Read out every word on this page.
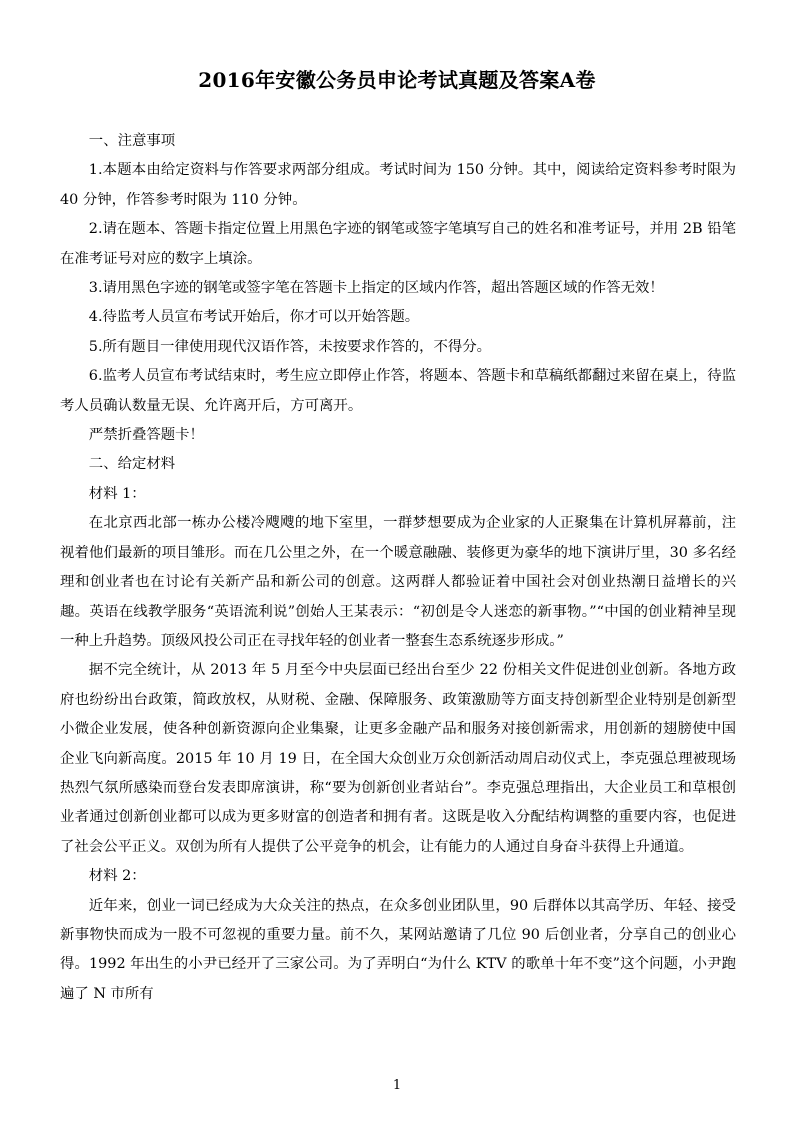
2016年安徽公务员申论考试真题及答案A卷

一、注意事项

1.本题本由给定资料与作答要求两部分组成。考试时间为 150 分钟。其中，阅读给定资料参考时限为 40 分钟，作答参考时限为 110 分钟。

2.请在题本、答题卡指定位置上用黑色字迹的钢笔或签字笔填写自己的姓名和准考证号，并用 2B 铅笔在准考证号对应的数字上填涂。

3.请用黑色字迹的钢笔或签字笔在答题卡上指定的区域内作答，超出答题区域的作答无效！

4.待监考人员宣布考试开始后，你才可以开始答题。

5.所有题目一律使用现代汉语作答，未按要求作答的，不得分。

6.监考人员宣布考试结束时，考生应立即停止作答，将题本、答题卡和草稿纸都翻过来留在桌上，待监考人员确认数量无误、允许离开后，方可离开。

严禁折叠答题卡！

二、给定材料

材料 1：

在北京西北部一栋办公楼冷飕飕的地下室里，一群梦想要成为企业家的人正聚集在计算机屏幕前，注视着他们最新的项目雏形。而在几公里之外，在一个暖意融融、装修更为豪华的地下演讲厅里，30 多名经理和创业者也在讨论有关新产品和新公司的创意。这两群人都验证着中国社会对创业热潮日益增长的兴趣。英语在线教学服务“英语流利说”创始人王某表示：“初创是令人迷恋的新事物。”“中国的创业精神呈现一种上升趋势。顶级风投公司正在寻找年轻的创业者一整套生态系统逐步形成。”

据不完全统计，从 2013 年 5 月至今中央层面已经出台至少 22 份相关文件促进创业创新。各地方政府也纷纷出台政策，简政放权，从财税、金融、保障服务、政策激励等方面支持创新型企业特别是创新型小微企业发展，使各种创新资源向企业集聚，让更多金融产品和服务对接创新需求，用创新的翅膀使中国企业飞向新高度。2015 年 10 月 19 日，在全国大众创业万众创新活动周启动仪式上，李克强总理被现场热烈气氛所感染而登台发表即席演讲，称“要为创新创业者站台”。李克强总理指出，大企业员工和草根创业者通过创新创业都可以成为更多财富的创造者和拥有者。这既是收入分配结构调整的重要内容，也促进了社会公平正义。双创为所有人提供了公平竞争的机会，让有能力的人通过自身奋斗获得上升通道。

材料 2：

近年来，创业一词已经成为大众关注的热点，在众多创业团队里，90 后群体以其高学历、年轻、接受新事物快而成为一股不可忽视的重要力量。前不久，某网站邀请了几位 90 后创业者，分享自己的创业心得。1992 年出生的小尹已经开了三家公司。为了弄明白“为什么 KTV 的歌单十年不变”这个问题，小尹跑遍了 N 市所有

1
